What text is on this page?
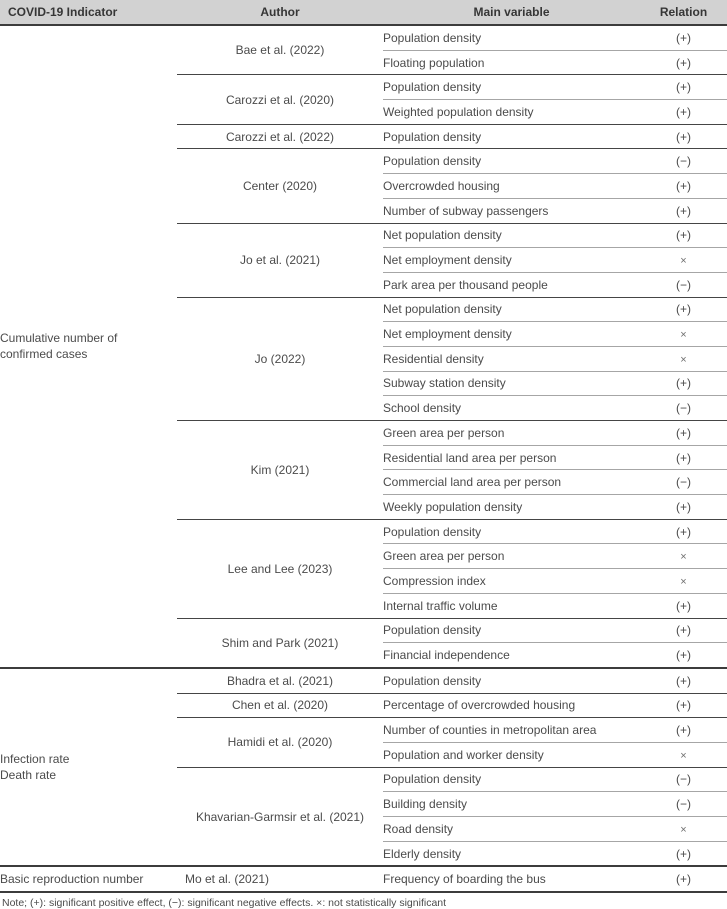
COVID-19 Indicator	Author	Main variable	Relation

Cumulative number of
confirmed cases	Bae et al. (2022)	Population density	(+)
		Floating population	(+)
	Carozzi et al. (2020)	Population density	(+)
		Weighted population density	(+)
	Carozzi et al. (2022)	Population density	(+)
	Center (2020)	Population density	(−)
		Overcrowded housing	(+)
		Number of subway passengers	(+)
	Jo et al. (2021)	Net population density	(+)
		Net employment density	×
		Park area per thousand people	(−)
	Jo (2022)	Net population density	(+)
		Net employment density	×
		Residential density	×
		Subway station density	(+)
		School density	(−)
	Kim (2021)	Green area per person	(+)
		Residential land area per person	(+)
		Commercial land area per person	(−)
		Weekly population density	(+)
	Lee and Lee (2023)	Population density	(+)
		Green area per person	×
		Compression index	×
		Internal traffic volume	(+)
	Shim and Park (2021)	Population density	(+)
		Financial independence	(+)

Infection rate
Death rate	Bhadra et al. (2021)	Population density	(+)
	Chen et al. (2020)	Percentage of overcrowded housing	(+)
	Hamidi et al. (2020)	Number of counties in metropolitan area	(+)
		Population and worker density	×
	Khavarian-Garmsir et al. (2021)	Population density	(−)
		Building density	(−)
		Road density	×
		Elderly density	(+)

Basic reproduction number	Mo et al. (2021)	Frequency of boarding the bus	(+)
Note; (+): significant positive effect, (−): significant negative effects. ×: not statistically significant
